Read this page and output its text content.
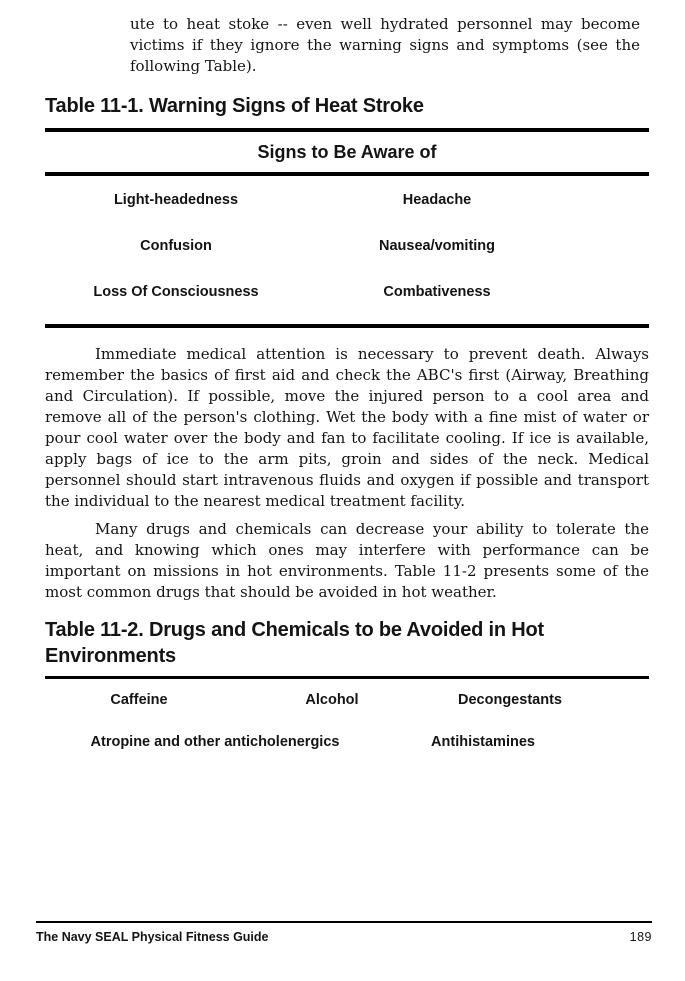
ute to heat stoke -- even well hydrated personnel may become victims if they ignore the warning signs and symptoms (see the following Table).

Table 11-1. Warning Signs of Heat Stroke
Signs to Be Aware of
Light-headedness	Headache
Confusion	Nausea/vomiting
Loss Of Consciousness	Combativeness

Immediate medical attention is necessary to prevent death. Always remember the basics of first aid and check the ABC's first (Airway, Breathing and Circulation). If possible, move the injured person to a cool area and remove all of the person's clothing. Wet the body with a fine mist of water or pour cool water over the body and fan to facilitate cooling. If ice is available, apply bags of ice to the arm pits, groin and sides of the neck. Medical personnel should start intravenous fluids and oxygen if possible and transport the individual to the nearest medical treatment facility.

Many drugs and chemicals can decrease your ability to tolerate the heat, and knowing which ones may interfere with performance can be important on missions in hot environments. Table 11-2 presents some of the most common drugs that should be avoided in hot weather.

Table 11-2. Drugs and Chemicals to be Avoided in Hot Environments
Caffeine	Alcohol	Decongestants
Atropine and other anticholenergics	Antihistamines
The Navy SEAL Physical Fitness Guide	189
